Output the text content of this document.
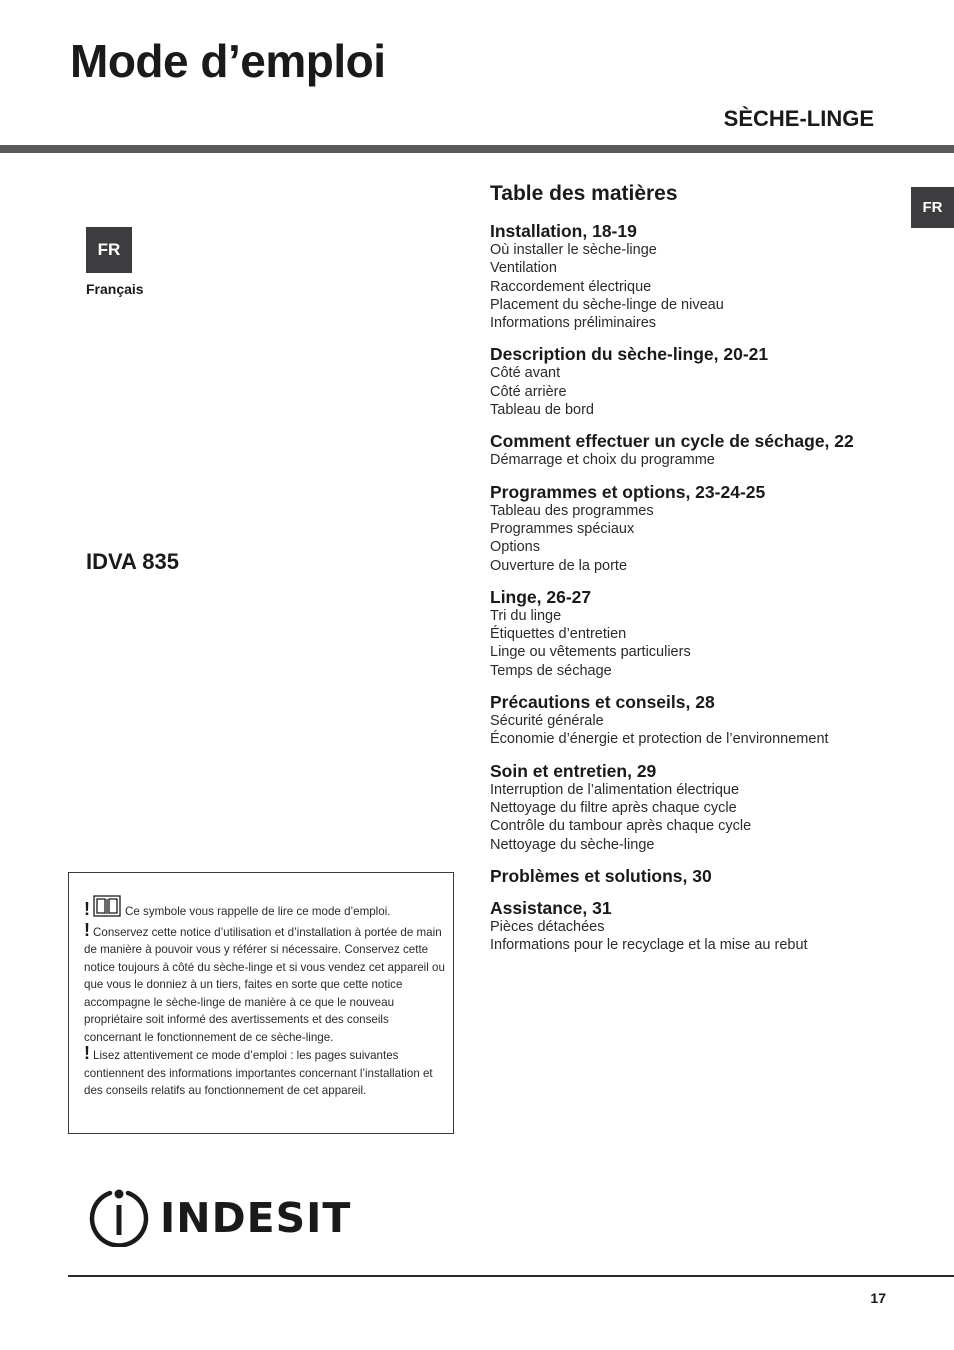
Mode d’emploi
SÈCHE-LINGE
FR
Français
IDVA 835
FR
Table des matières
Installation, 18-19
Où installer le sèche-linge
Ventilation
Raccordement électrique
Placement du sèche-linge de niveau
Informations préliminaires
Description du sèche-linge, 20-21
Côté avant
Côté arrière
Tableau de bord
Comment effectuer un cycle de séchage, 22
Démarrage et choix du programme
Programmes et options, 23-24-25
Tableau des programmes
Programmes spéciaux
Options
Ouverture de la porte
Linge, 26-27
Tri du linge
Étiquettes d’entretien
Linge ou vêtements particuliers
Temps de séchage
Précautions et conseils, 28
Sécurité générale
Économie d’énergie et protection de l’environnement
Soin et entretien, 29
Interruption de l’alimentation électrique
Nettoyage du filtre après chaque cycle
Contrôle du tambour après chaque cycle
Nettoyage du sèche-linge
Problèmes et solutions, 30
Assistance, 31
Pièces détachées
Informations pour le recyclage et la mise au rebut

!	Ce symbole vous rappelle de lire ce mode d’emploi.

! Conservez cette notice d’utilisation et d’installation à portée de main de manière à pouvoir vous y référer si nécessaire. Conservez cette notice toujours à côté du sèche-linge et si vous vendez cet appareil ou que vous le donniez à un tiers, faites en sorte que cette notice accompagne le sèche-linge de manière à ce que le nouveau propriétaire soit informé des avertissements et des conseils concernant le fonctionnement de ce sèche-linge.

! Lisez attentivement ce mode d’emploi : les pages suivantes contiennent des informations importantes concernant l’installation et des conseils relatifs au fonctionnement de cet appareil.

INDESIT
17
